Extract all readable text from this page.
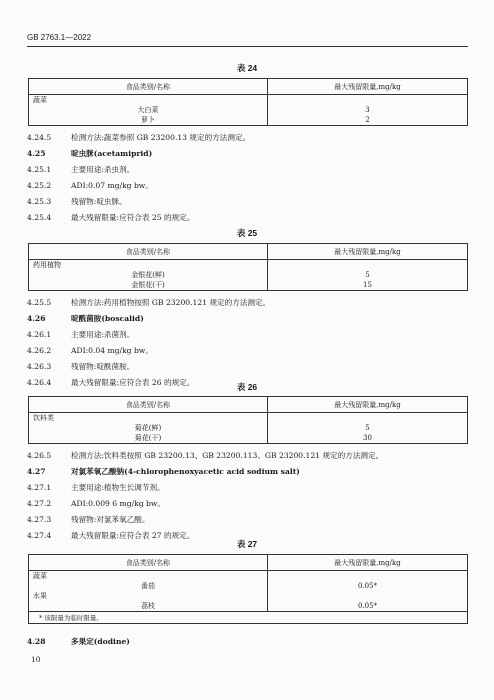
GB 2763.1—2022
表 24
食品类别/名称	最大残留限量,mg/kg
蔬菜	
大白菜	3
萝卜	2
4.24.5	检测方法:蔬菜参照 GB 23200.13 规定的方法测定。
4.25	啶虫脒(acetamiprid)
4.25.1	主要用途:杀虫剂。
4.25.2	ADI:0.07 mg/kg bw。
4.25.3	残留物:啶虫脒。
4.25.4	最大残留限量:应符合表 25 的规定。
表 25
食品类别/名称	最大残留限量,mg/kg
药用植物	
金银花(鲜)	5
金银花(干)	15
4.25.5	检测方法:药用植物按照 GB 23200.121 规定的方法测定。
4.26	啶酰菌胺(boscalid)
4.26.1	主要用途:杀菌剂。
4.26.2	ADI:0.04 mg/kg bw。
4.26.3	残留物:啶酰菌胺。
4.26.4	最大残留限量:应符合表 26 的规定。	表 26
食品类别/名称	最大残留限量,mg/kg
饮料类	
菊花(鲜)	5
菊花(干)	30
4.26.5	检测方法:饮料类按照 GB 23200.13、GB 23200.113、GB 23200.121 规定的方法测定。
4.27	对氯苯氧乙酸钠(4-chlorophenoxyacetic acid sodium salt)
4.27.1	主要用途:植物生长调节剂。
4.27.2	ADI:0.009 6 mg/kg bw。
4.27.3	残留物:对氯苯氧乙酸。
4.27.4	最大残留限量:应符合表 27 的规定。
表 27
食品类别/名称	最大残留限量,mg/kg
蔬菜	
番茄	0.05*
水果	
荔枝	0.05*
* 该限量为临时限量。	
4.28	多果定(dodine)
10
